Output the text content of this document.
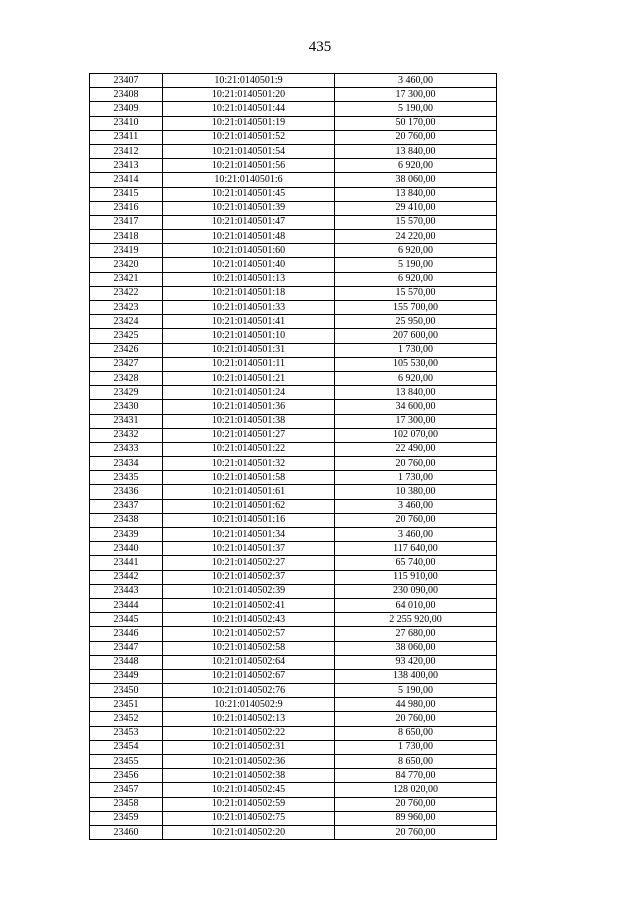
435
23407	10:21:0140501:9	3 460,00
23408	10:21:0140501:20	17 300,00
23409	10:21:0140501:44	5 190,00
23410	10:21:0140501:19	50 170,00
23411	10:21:0140501:52	20 760,00
23412	10:21:0140501:54	13 840,00
23413	10:21:0140501:56	6 920,00
23414	10:21:0140501:6	38 060,00
23415	10:21:0140501:45	13 840,00
23416	10:21:0140501:39	29 410,00
23417	10:21:0140501:47	15 570,00
23418	10:21:0140501:48	24 220,00
23419	10:21:0140501:60	6 920,00
23420	10:21:0140501:40	5 190,00
23421	10:21:0140501:13	6 920,00
23422	10:21:0140501:18	15 570,00
23423	10:21:0140501:33	155 700,00
23424	10:21:0140501:41	25 950,00
23425	10:21:0140501:10	207 600,00
23426	10:21:0140501:31	1 730,00
23427	10:21:0140501:11	105 530,00
23428	10:21:0140501:21	6 920,00
23429	10:21:0140501:24	13 840,00
23430	10:21:0140501:36	34 600,00
23431	10:21:0140501:38	17 300,00
23432	10:21:0140501:27	102 070,00
23433	10:21:0140501:22	22 490,00
23434	10:21:0140501:32	20 760,00
23435	10:21:0140501:58	1 730,00
23436	10:21:0140501:61	10 380,00
23437	10:21:0140501:62	3 460,00
23438	10:21:0140501:16	20 760,00
23439	10:21:0140501:34	3 460,00
23440	10:21:0140501:37	117 640,00
23441	10:21:0140502:27	65 740,00
23442	10:21:0140502:37	115 910,00
23443	10:21:0140502:39	230 090,00
23444	10:21:0140502:41	64 010,00
23445	10:21:0140502:43	2 255 920,00
23446	10:21:0140502:57	27 680,00
23447	10:21:0140502:58	38 060,00
23448	10:21:0140502:64	93 420,00
23449	10:21:0140502:67	138 400,00
23450	10:21:0140502:76	5 190,00
23451	10:21:0140502:9	44 980,00
23452	10:21:0140502:13	20 760,00
23453	10:21:0140502:22	8 650,00
23454	10:21:0140502:31	1 730,00
23455	10:21:0140502:36	8 650,00
23456	10:21:0140502:38	84 770,00
23457	10:21:0140502:45	128 020,00
23458	10:21:0140502:59	20 760,00
23459	10:21:0140502:75	89 960,00
23460	10:21:0140502:20	20 760,00
